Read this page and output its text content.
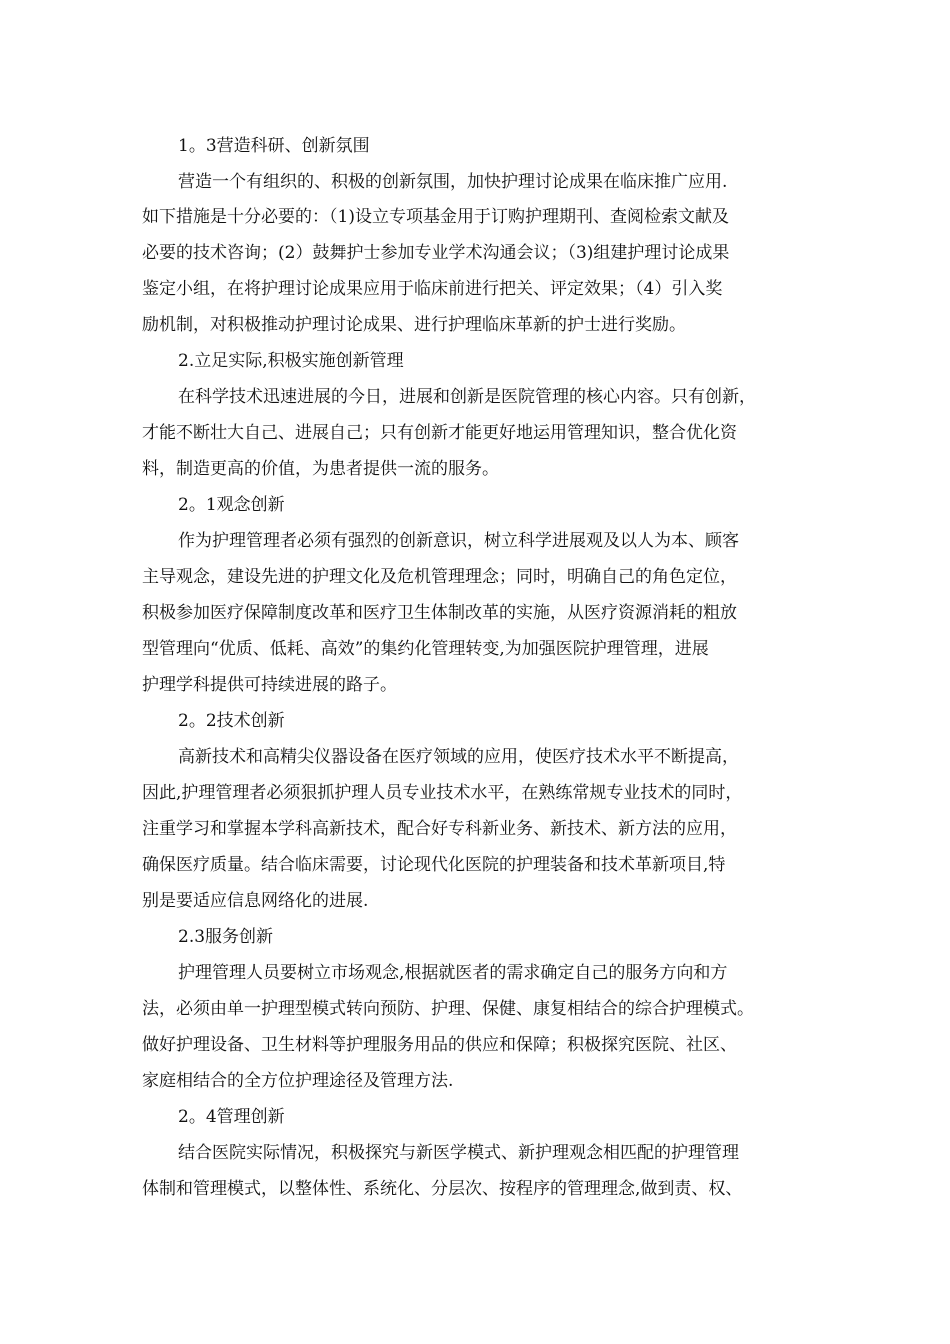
1。3营造科研、创新氛围
营造一个有组织的、积极的创新氛围，加快护理讨论成果在临床推广应用.
如下措施是十分必要的：（1)设立专项基金用于订购护理期刊、查阅检索文献及
必要的技术咨询；(2）鼓舞护士参加专业学术沟通会议；（3)组建护理讨论成果
鉴定小组，在将护理讨论成果应用于临床前进行把关、评定效果；（4）引入奖
励机制，对积极推动护理讨论成果、进行护理临床革新的护士进行奖励。
2.立足实际,积极实施创新管理
在科学技术迅速进展的今日，进展和创新是医院管理的核心内容。只有创新，
才能不断壮大自己、进展自己；只有创新才能更好地运用管理知识，整合优化资
料，制造更高的价值，为患者提供一流的服务。
2。1观念创新
作为护理管理者必须有强烈的创新意识，树立科学进展观及以人为本、顾客
主导观念，建设先进的护理文化及危机管理理念；同时，明确自己的角色定位，
积极参加医疗保障制度改革和医疗卫生体制改革的实施，从医疗资源消耗的粗放
型管理向“优质、低耗、高效”的集约化管理转变,为加强医院护理管理，进展
护理学科提供可持续进展的路子。
2。2技术创新
高新技术和高精尖仪器设备在医疗领域的应用，使医疗技术水平不断提高，
因此,护理管理者必须狠抓护理人员专业技术水平，在熟练常规专业技术的同时，
注重学习和掌握本学科高新技术，配合好专科新业务、新技术、新方法的应用，
确保医疗质量。结合临床需要，讨论现代化医院的护理装备和技术革新项目,特
别是要适应信息网络化的进展.
2.3服务创新
护理管理人员要树立市场观念,根据就医者的需求确定自己的服务方向和方
法，必须由单一护理型模式转向预防、护理、保健、康复相结合的综合护理模式。
做好护理设备、卫生材料等护理服务用品的供应和保障；积极探究医院、社区、
家庭相结合的全方位护理途径及管理方法.
2。4管理创新
结合医院实际情况，积极探究与新医学模式、新护理观念相匹配的护理管理
体制和管理模式，以整体性、系统化、分层次、按程序的管理理念,做到责、权、
